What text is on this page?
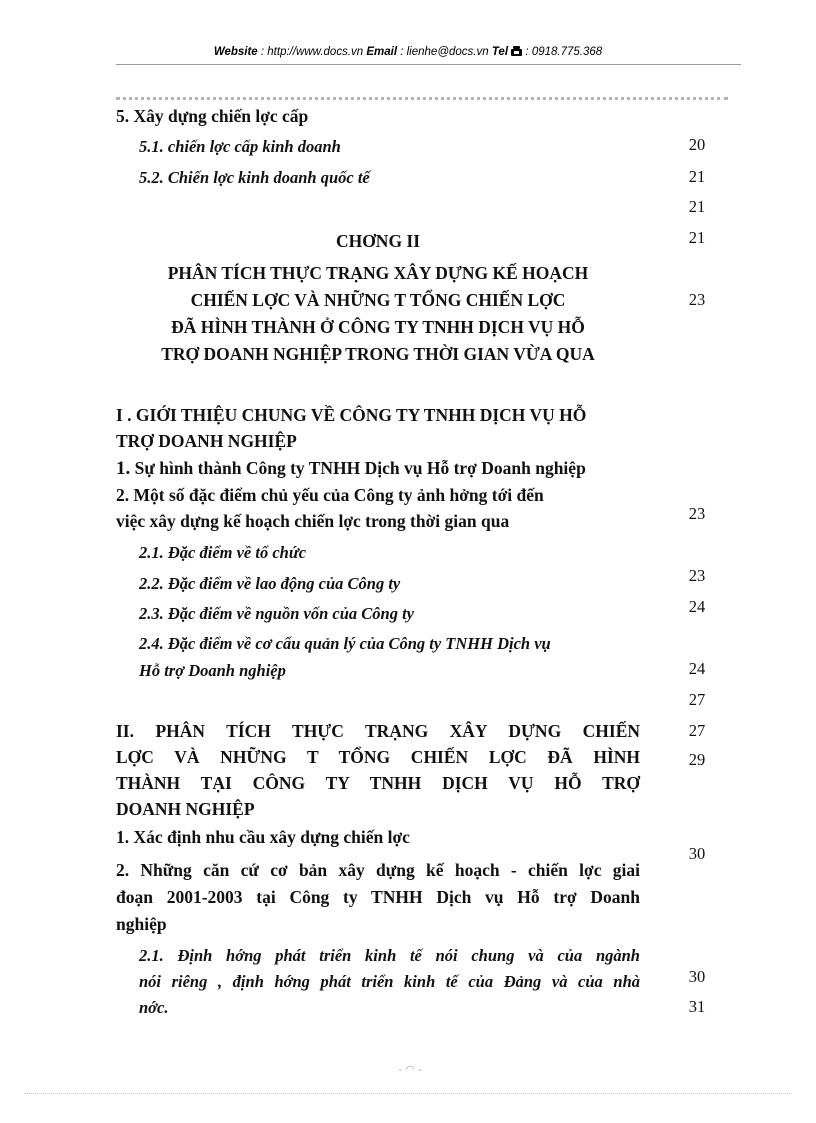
Website : http://www.docs.vn Email : lienhe@docs.vn Tel  : 0918.775.368
5. Xây dựng chiến lợc cấp
5.1. chiến lợc cấp kinh doanh
5.2. Chiến lợc kinh doanh quốc tế
CHƠNG II
PHÂN TÍCH THỰC TRẠNG XÂY DỰNG KẾ HOẠCH
CHIẾN LỢC VÀ NHỮNG T TỔNG CHIẾN LỢC
ĐÃ HÌNH THÀNH Ở CÔNG TY TNHH DỊCH VỤ HỖ
TRỢ DOANH NGHIỆP TRONG THỜI GIAN VỪA QUA
I . GIỚI THIỆU CHUNG VỀ CÔNG TY TNHH DỊCH VỤ HỖ
TRỢ DOANH NGHIỆP
1. Sự hình thành Công ty TNHH Dịch vụ Hỗ trợ Doanh nghiệp
2. Một số đặc điểm chủ yếu của Công ty ảnh hởng tới đến
việc xây dựng kế hoạch chiến lợc trong thời gian qua
2.1. Đặc điểm về tổ chức
2.2. Đặc điểm về lao động của Công ty
2.3. Đặc điểm về nguồn vốn của Công ty
2.4. Đặc điểm về cơ cấu quản lý của Công ty TNHH Dịch vụ
Hỗ trợ Doanh nghiệp
II. PHÂN TÍCH THỰC TRẠNG XÂY DỰNG CHIẾN
LỢC VÀ NHỮNG T TỔNG CHIẾN LỢC ĐÃ HÌNH
THÀNH TẠI CÔNG TY TNHH DỊCH VỤ HỖ TRỢ
DOANH NGHIỆP
1. Xác định nhu cầu xây dựng chiến lợc
2. Những căn cứ cơ bản xây dựng kế hoạch - chiến lợc giai
đoạn 2001-2003 tại Công ty TNHH Dịch vụ Hỗ trợ Doanh
nghiệp
2.1. Định hớng phát triển kinh tế nói chung và của ngành
nói riêng , định hớng phát triển kinh tế của Đảng và của nhà
nớc.
20
21
21
21
23
23
23
24
24
27
27
29
30
30
31
- ◠ -
